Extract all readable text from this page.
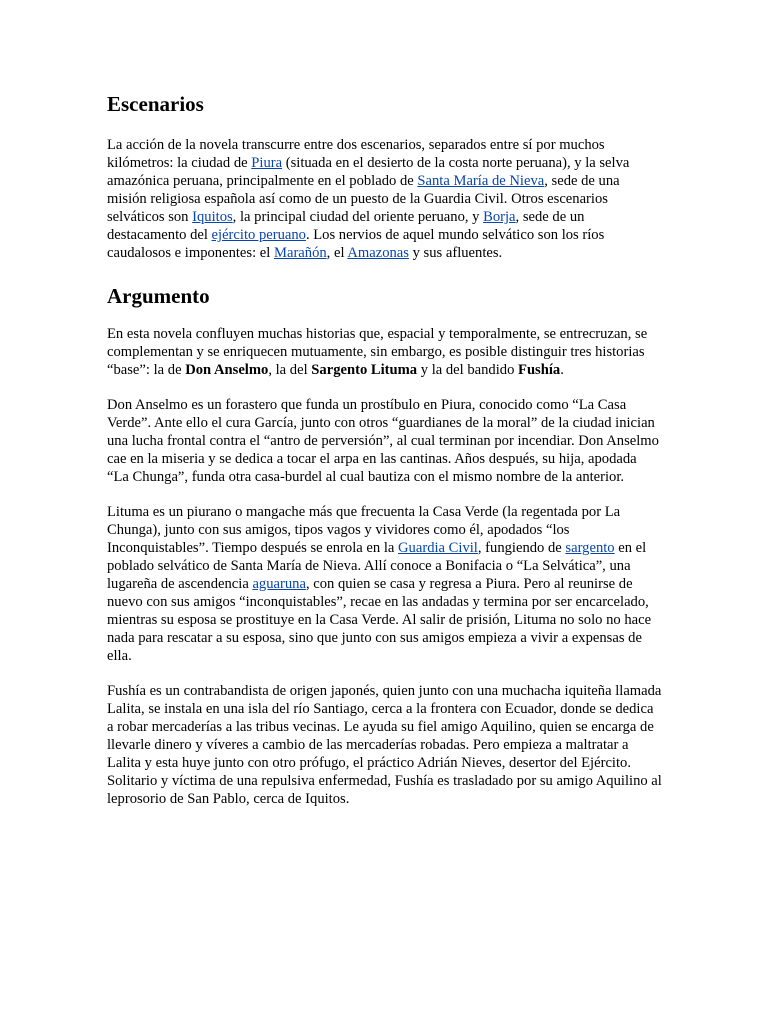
Escenarios

La acción de la novela transcurre entre dos escenarios, separados entre sí por muchos kilómetros: la ciudad de Piura (situada en el desierto de la costa norte peruana), y la selva amazónica peruana, principalmente en el poblado de Santa María de Nieva, sede de una misión religiosa española así como de un puesto de la Guardia Civil. Otros escenarios selváticos son Iquitos, la principal ciudad del oriente peruano, y Borja, sede de un destacamento del ejército peruano. Los nervios de aquel mundo selvático son los ríos caudalosos e imponentes: el Marañón, el Amazonas y sus afluentes.

Argumento

En esta novela confluyen muchas historias que, espacial y temporalmente, se entrecruzan, se complementan y se enriquecen mutuamente, sin embargo, es posible distinguir tres historias “base”: la de Don Anselmo, la del Sargento Lituma y la del bandido Fushía.

Don Anselmo es un forastero que funda un prostíbulo en Piura, conocido como “La Casa Verde”. Ante ello el cura García, junto con otros “guardianes de la moral” de la ciudad inician una lucha frontal contra el “antro de perversión”, al cual terminan por incendiar. Don Anselmo cae en la miseria y se dedica a tocar el arpa en las cantinas. Años después, su hija, apodada “La Chunga”, funda otra casa-burdel al cual bautiza con el mismo nombre de la anterior.

Lituma es un piurano o mangache más que frecuenta la Casa Verde (la regentada por La Chunga), junto con sus amigos, tipos vagos y vividores como él, apodados “los Inconquistables”. Tiempo después se enrola en la Guardia Civil, fungiendo de sargento en el poblado selvático de Santa María de Nieva. Allí conoce a Bonifacia o “La Selvática”, una lugareña de ascendencia aguaruna, con quien se casa y regresa a Piura. Pero al reunirse de nuevo con sus amigos “inconquistables”, recae en las andadas y termina por ser encarcelado, mientras su esposa se prostituye en la Casa Verde. Al salir de prisión, Lituma no solo no hace nada para rescatar a su esposa, sino que junto con sus amigos empieza a vivir a expensas de ella.

Fushía es un contrabandista de origen japonés, quien junto con una muchacha iquiteña llamada Lalita, se instala en una isla del río Santiago, cerca a la frontera con Ecuador, donde se dedica a robar mercaderías a las tribus vecinas. Le ayuda su fiel amigo Aquilino, quien se encarga de llevarle dinero y víveres a cambio de las mercaderías robadas. Pero empieza a maltratar a Lalita y esta huye junto con otro prófugo, el práctico Adrián Nieves, desertor del Ejército. Solitario y víctima de una repulsiva enfermedad, Fushía es trasladado por su amigo Aquilino al leprosorio de San Pablo, cerca de Iquitos.
